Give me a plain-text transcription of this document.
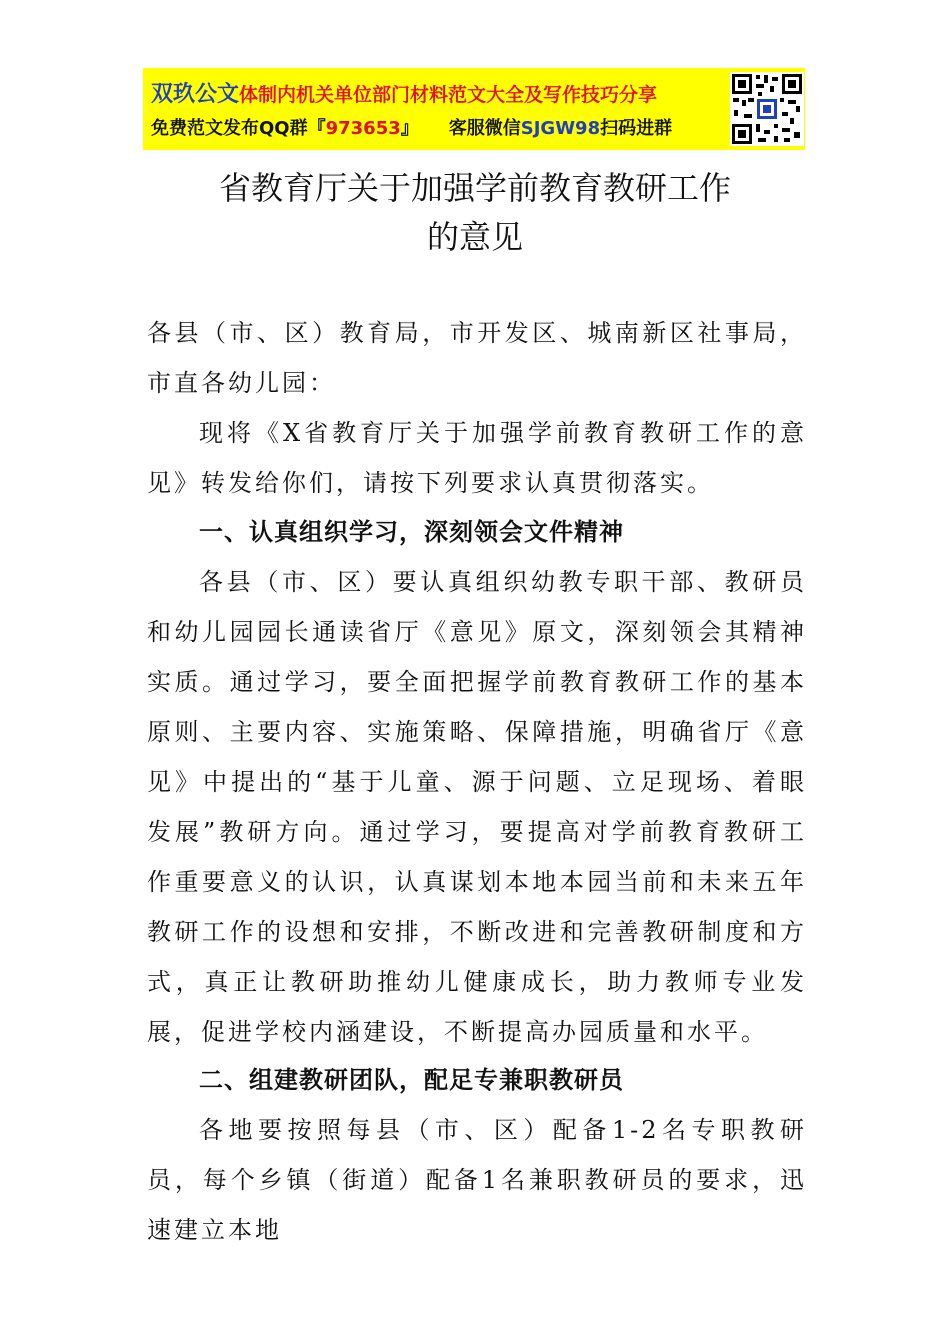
双玖公文体制内机关单位部门材料范文大全及写作技巧分享
免费范文发布QQ群『973653』 客服微信SJGW98扫码进群
省教育厅关于加强学前教育教研工作
的意见
各县（市、区）教育局，市开发区、城南新区社事局，市直各幼儿园：
现将《X省教育厅关于加强学前教育教研工作的意见》转发给你们，请按下列要求认真贯彻落实。
一、认真组织学习，深刻领会文件精神
各县（市、区）要认真组织幼教专职干部、教研员和幼儿园园长通读省厅《意见》原文，深刻领会其精神实质。通过学习，要全面把握学前教育教研工作的基本原则、主要内容、实施策略、保障措施，明确省厅《意见》中提出的“基于儿童、源于问题、立足现场、着眼发展”教研方向。通过学习，要提高对学前教育教研工作重要意义的认识，认真谋划本地本园当前和未来五年教研工作的设想和安排，不断改进和完善教研制度和方式，真正让教研助推幼儿健康成长，助力教师专业发展，促进学校内涵建设，不断提高办园质量和水平。
二、组建教研团队，配足专兼职教研员
各地要按照每县（市、区）配备1-2名专职教研员，每个乡镇（街道）配备1名兼职教研员的要求，迅速建立本地
